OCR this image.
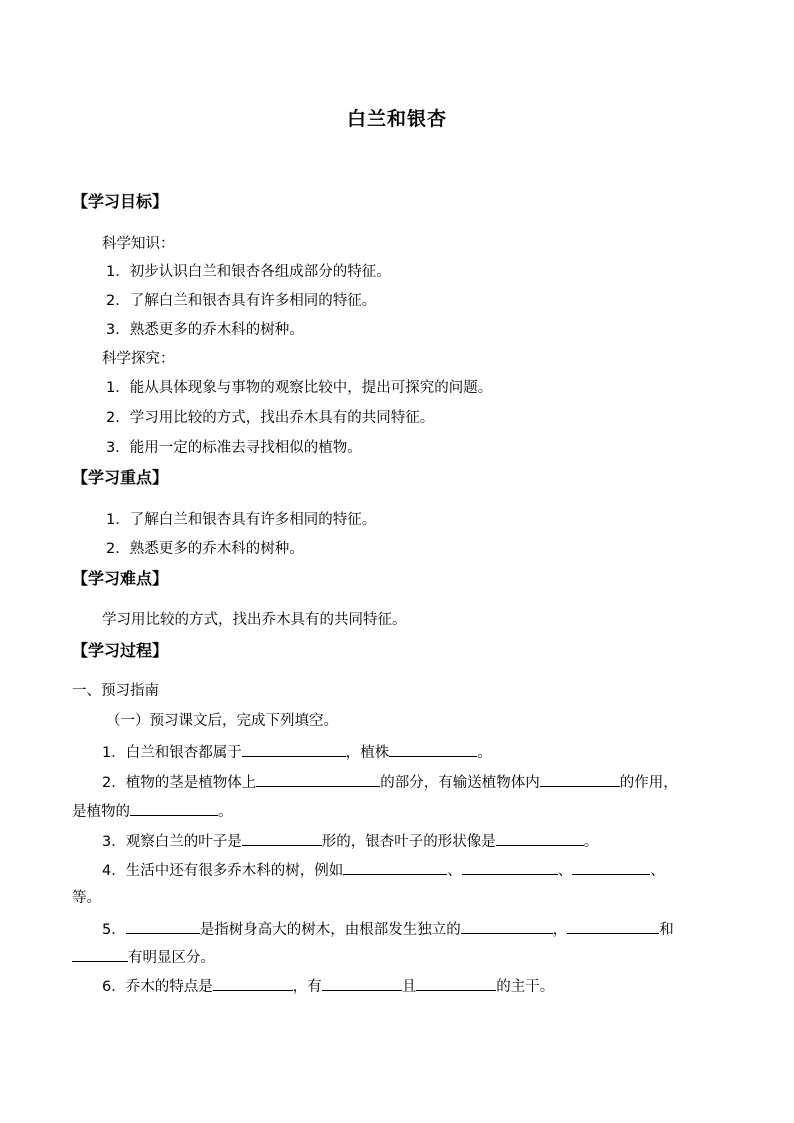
白兰和银杏
【学习目标】
科学知识：
1．初步认识白兰和银杏各组成部分的特征。
2．了解白兰和银杏具有许多相同的特征。
3．熟悉更多的乔木科的树种。
科学探究：
1．能从具体现象与事物的观察比较中，提出可探究的问题。
2．学习用比较的方式，找出乔木具有的共同特征。
3．能用一定的标准去寻找相似的植物。
【学习重点】
1．了解白兰和银杏具有许多相同的特征。
2．熟悉更多的乔木科的树种。
【学习难点】
学习用比较的方式，找出乔木具有的共同特征。
【学习过程】
一、预习指南
（一）预习课文后，完成下列填空。
1．白兰和银杏都属于	，植株	。
2．植物的茎是植物体上	的部分，有输送植物体内	的作用，
是植物的	。
3．观察白兰的叶子是	形的，银杏叶子的形状像是	。
4．生活中还有很多乔木科的树，例如	、	、	、
等。
5．	是指树身高大的树木，由根部发生独立的	，	和
有明显区分。
6．乔木的特点是	，有	且	的主干。
